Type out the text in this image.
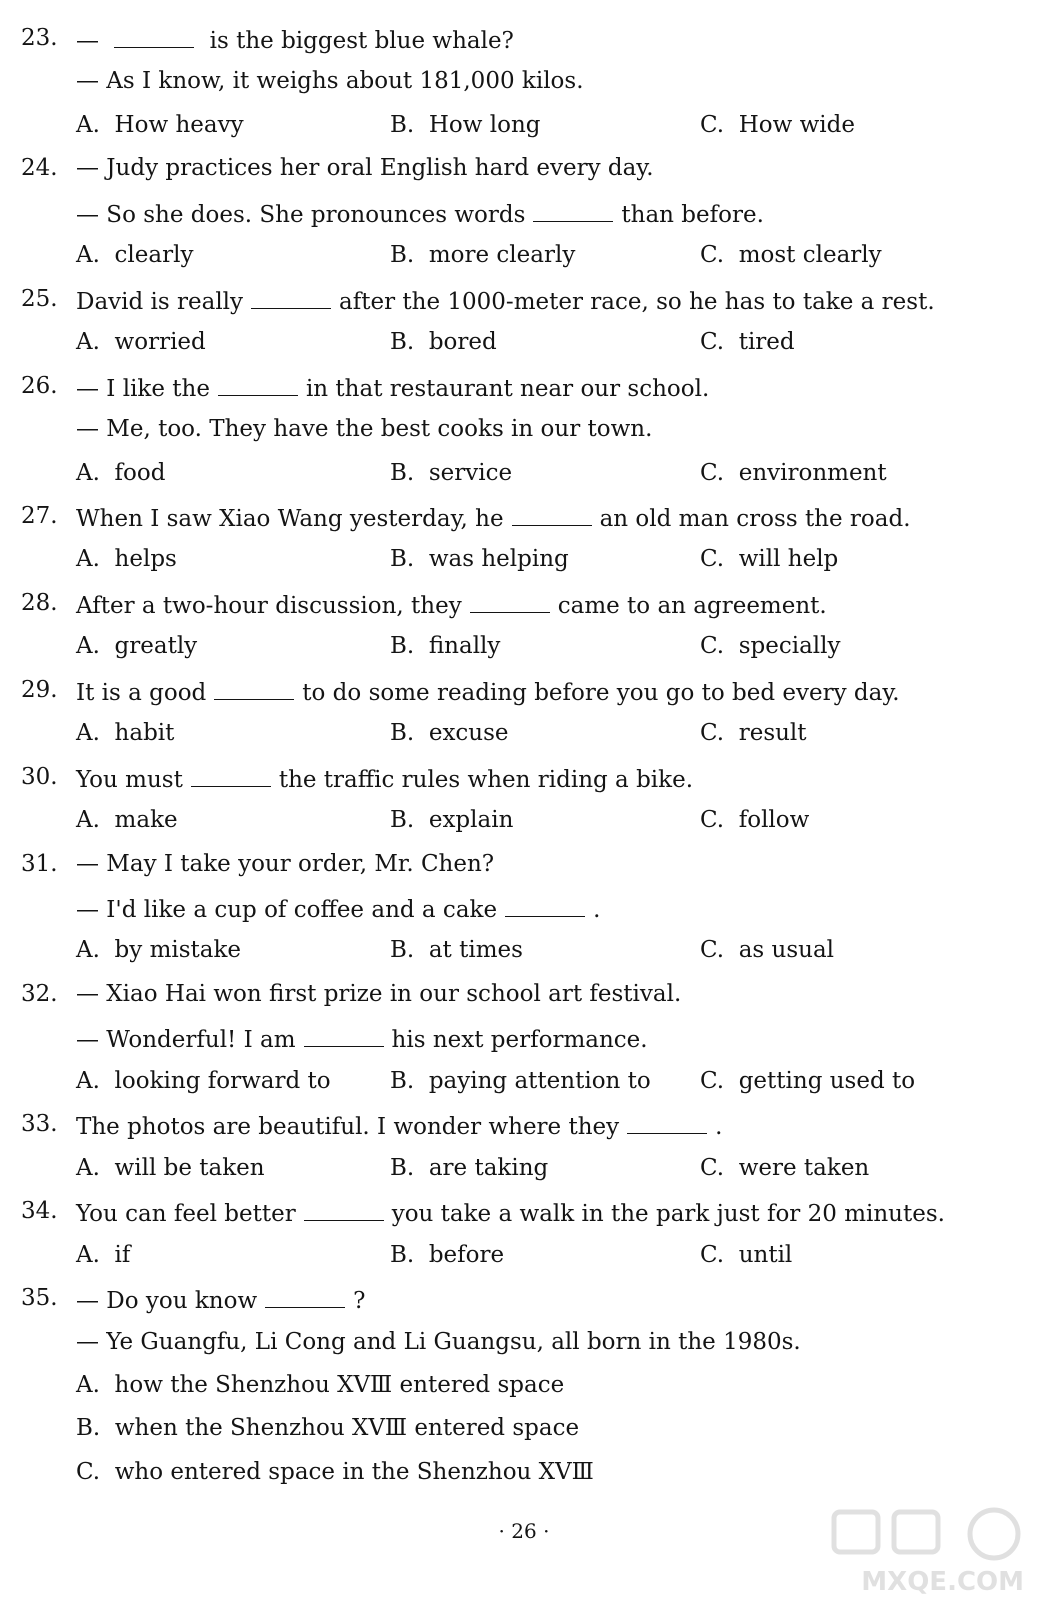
23. —	is the biggest blue whale?
— As I know, it weighs about 181,000 kilos.
A.  How heavy	B.  How long	C.  How wide
24. — Judy practices her oral English hard every day.
— So she does. She pronounces words	than before.
A.  clearly	B.  more clearly	C.  most clearly
25. David is really	after the 1000-meter race, so he has to take a rest.
A.  worried	B.  bored	C.  tired
26. — I like the	in that restaurant near our school.
— Me, too. They have the best cooks in our town.
A.  food	B.  service	C.  environment
27. When I saw Xiao Wang yesterday, he	an old man cross the road.
A.  helps	B.  was helping	C.  will help
28. After a two-hour discussion, they	came to an agreement.
A.  greatly	B.  finally	C.  specially
29. It is a good	to do some reading before you go to bed every day.
A.  habit	B.  excuse	C.  result
30. You must	the traffic rules when riding a bike.
A.  make	B.  explain	C.  follow
31. — May I take your order, Mr. Chen?
— I'd like a cup of coffee and a cake	.
A.  by mistake	B.  at times	C.  as usual
32. — Xiao Hai won first prize in our school art festival.
— Wonderful! I am	his next performance.
A.  looking forward to	B.  paying attention to C.  getting used to
33. The photos are beautiful. I wonder where they	.
A.  will be taken	B.  are taking	C.  were taken
34. You can feel better	you take a walk in the park just for 20 minutes.
A.  if	B.  before	C.  until
35. — Do you know	?
— Ye Guangfu, Li Cong and Li Guangsu, all born in the 1980s.
A.  how the Shenzhou XVⅢ entered space
B.  when the Shenzhou XVⅢ entered space
C.  who entered space in the Shenzhou XVⅢ
· 26 ·
MXQE.COM
